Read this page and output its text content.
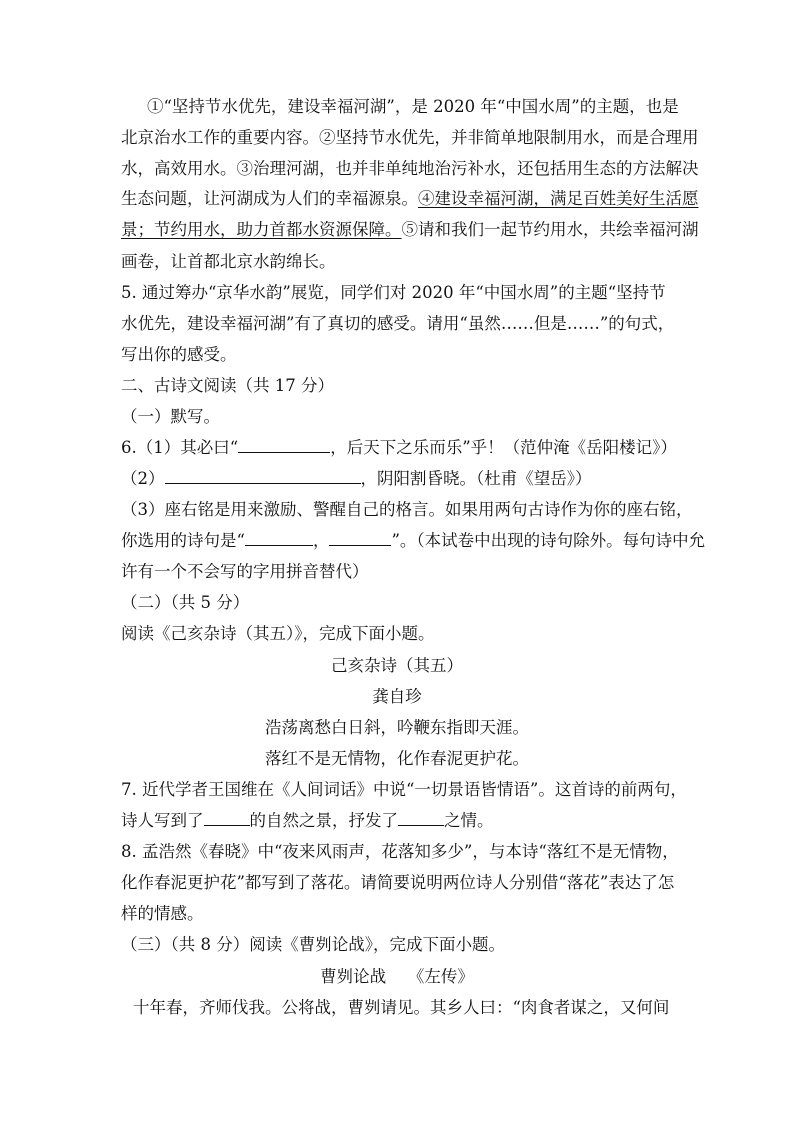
①“坚持节水优先，建设幸福河湖”，是 2020 年“中国水周”的主题，也是
北京治水工作的重要内容。②坚持节水优先，并非简单地限制用水，而是合理用
水，高效用水。③治理河湖，也并非单纯地治污补水，还包括用生态的方法解决
生态问题，让河湖成为人们的幸福源泉。④建设幸福河湖，满足百姓美好生活愿
景；节约用水，助力首都水资源保障。⑤请和我们一起节约用水，共绘幸福河湖
画卷，让首都北京水韵绵长。
5. 通过筹办“京华水韵”展览，同学们对 2020 年“中国水周”的主题“坚持节
水优先，建设幸福河湖”有了真切的感受。请用“虽然……但是……”的句式，
写出你的感受。
二、古诗文阅读（共 17 分）
（一）默写。
6.（1）其必曰“	，后天下之乐而乐”乎！（范仲淹《岳阳楼记》）
（2）	，阴阳割昏晓。（杜甫《望岳》）
（3）座右铭是用来激励、警醒自己的格言。如果用两句古诗作为你的座右铭，
你选用的诗句是“	，	”。（本试卷中出现的诗句除外。每句诗中允
许有一个不会写的字用拼音替代）
（二）（共 5 分）
阅读《己亥杂诗（其五）》，完成下面小题。
己亥杂诗（其五）
龚自珍
浩荡离愁白日斜，吟鞭东指即天涯。
落红不是无情物，化作春泥更护花。
7. 近代学者王国维在《人间词话》中说“一切景语皆情语”。这首诗的前两句，
诗人写到了	的自然之景，抒发了	之情。
8. 孟浩然《春晓》中“夜来风雨声，花落知多少”，与本诗“落红不是无情物，
化作春泥更护花”都写到了落花。请简要说明两位诗人分别借“落花”表达了怎
样的情感。
（三）（共 8 分）阅读《曹刿论战》，完成下面小题。
曹刿论战　 《左传》
十年春，齐师伐我。公将战，曹刿请见。其乡人曰：“肉食者谋之，又何间
